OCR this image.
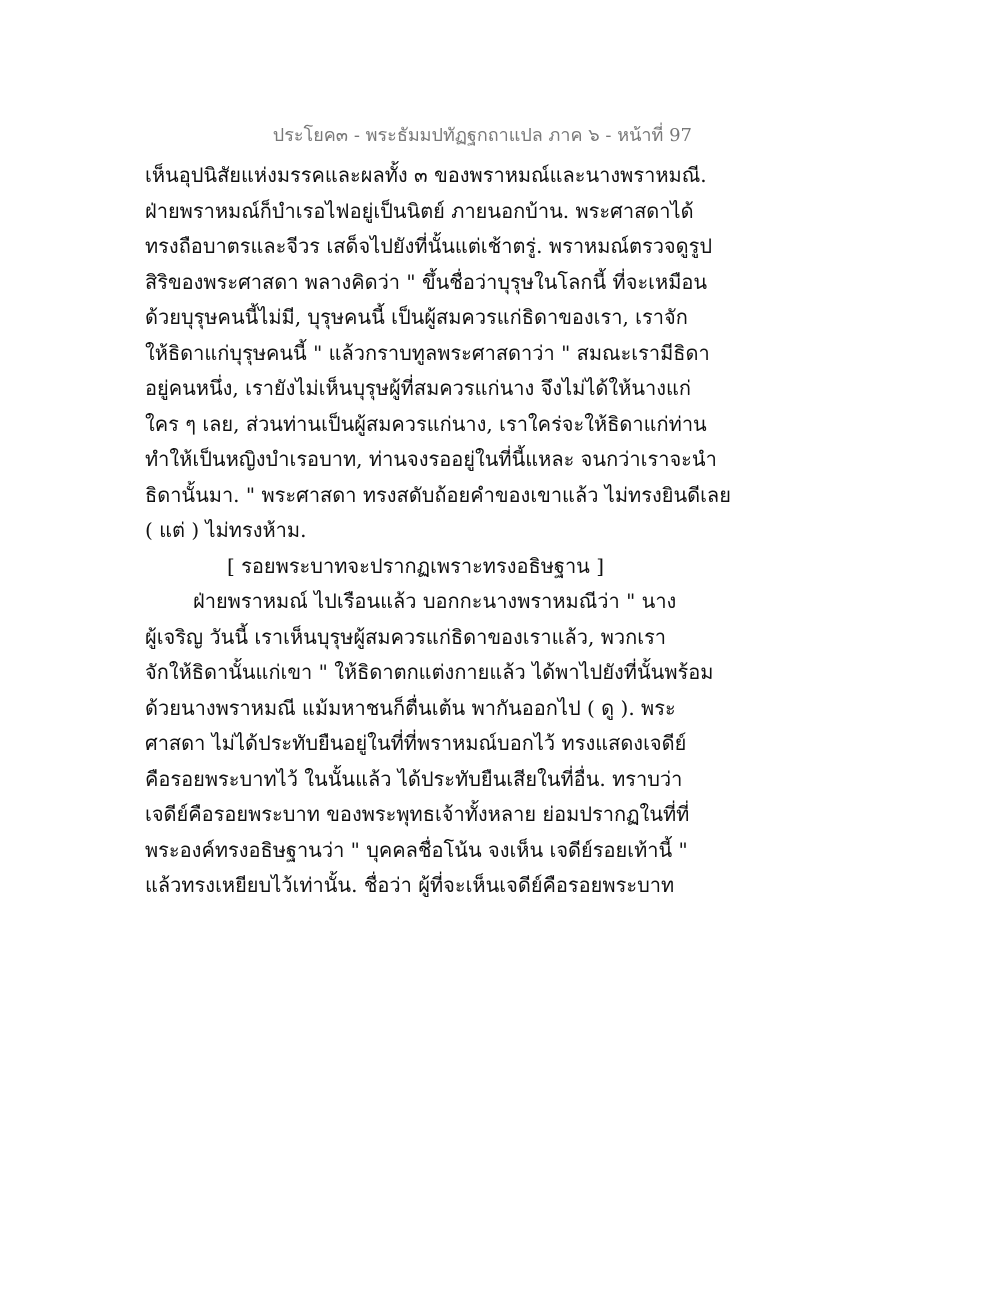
ประโยค๓ - พระธัมมปทัฏฐกถาแปล ภาค ๖ - หน้าที่ 97
เห็นอุปนิสัยแห่งมรรคและผลทั้ง ๓ ของพราหมณ์และนางพราหมณี.
ฝ่ายพราหมณ์ก็บำเรอไฟอยู่เป็นนิตย์ ภายนอกบ้าน. พระศาสดาได้
ทรงถือบาตรและจีวร เสด็จไปยังที่นั้นแต่เช้าตรู่. พราหมณ์ตรวจดูรูป
สิริของพระศาสดา พลางคิดว่า " ขึ้นชื่อว่าบุรุษในโลกนี้ ที่จะเหมือน
ด้วยบุรุษคนนี้ไม่มี, บุรุษคนนี้ เป็นผู้สมควรแก่ธิดาของเรา, เราจัก
ให้ธิดาแก่บุรุษคนนี้ " แล้วกราบทูลพระศาสดาว่า " สมณะเรามีธิดา
อยู่คนหนึ่ง, เรายังไม่เห็นบุรุษผู้ที่สมควรแก่นาง จึงไม่ได้ให้นางแก่
ใคร ๆ เลย, ส่วนท่านเป็นผู้สมควรแก่นาง, เราใคร่จะให้ธิดาแก่ท่าน
ทำให้เป็นหญิงบำเรอบาท, ท่านจงรออยู่ในที่นี้แหละ จนกว่าเราจะนำ
ธิดานั้นมา. " พระศาสดา ทรงสดับถ้อยคำของเขาแล้ว ไม่ทรงยินดีเลย
( แต่ ) ไม่ทรงห้าม.
[ รอยพระบาทจะปรากฏเพราะทรงอธิษฐาน ]
ฝ่ายพราหมณ์ ไปเรือนแล้ว บอกกะนางพราหมณีว่า " นาง
ผู้เจริญ วันนี้ เราเห็นบุรุษผู้สมควรแก่ธิดาของเราแล้ว, พวกเรา
จักให้ธิดานั้นแก่เขา " ให้ธิดาตกแต่งกายแล้ว ได้พาไปยังที่นั้นพร้อม
ด้วยนางพราหมณี แม้มหาชนก็ตื่นเต้น พากันออกไป ( ดู ). พระ
ศาสดา ไม่ได้ประทับยืนอยู่ในที่ที่พราหมณ์บอกไว้ ทรงแสดงเจดีย์
คือรอยพระบาทไว้ ในนั้นแล้ว ได้ประทับยืนเสียในที่อื่น. ทราบว่า
เจดีย์คือรอยพระบาท ของพระพุทธเจ้าทั้งหลาย ย่อมปรากฏในที่ที่
พระองค์ทรงอธิษฐานว่า " บุคคลชื่อโน้น จงเห็น เจดีย์รอยเท้านี้ "
แล้วทรงเหยียบไว้เท่านั้น. ชื่อว่า ผู้ที่จะเห็นเจดีย์คือรอยพระบาท
